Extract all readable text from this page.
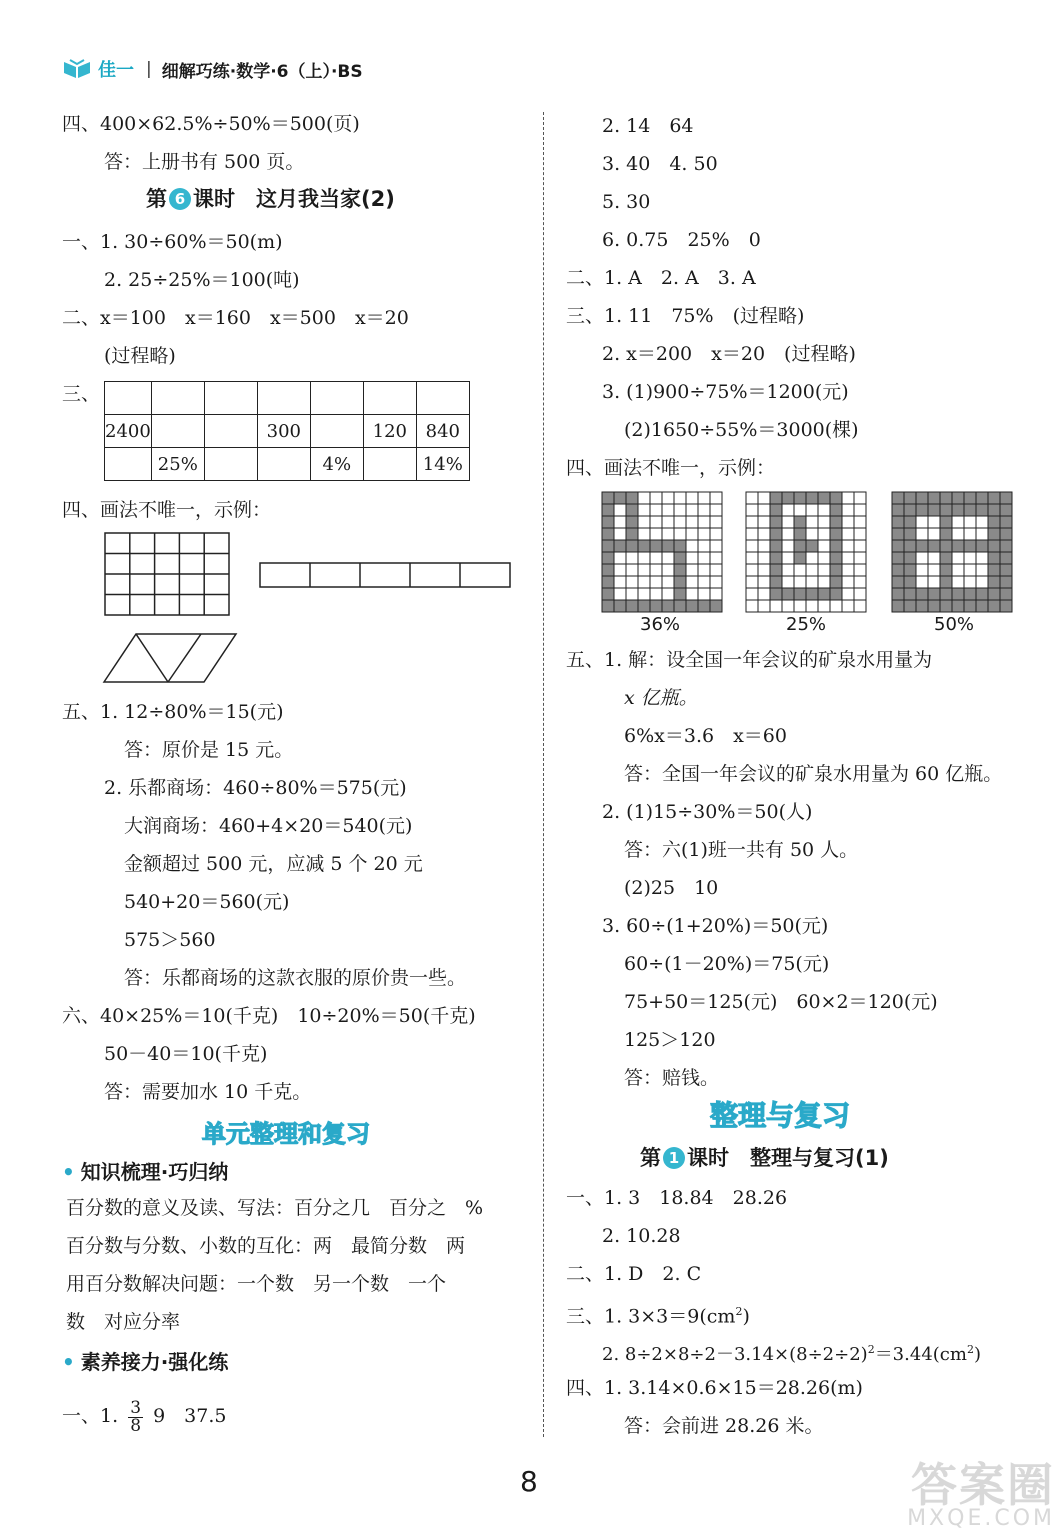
佳一 | 细解巧练·数学·6（上）·BS
四、400×62.5%÷50%＝500(页)
答：上册书有 500 页。
第 6 课时　这月我当家(2)
一、1. 30÷60%＝50(m)
2. 25÷25%＝100(吨)
二、x＝100　x＝160　x＝500　x＝20
(过程略)
三、

2400			300		120	840
	25%			4%		14%
四、画法不唯一，示例：
五、1. 12÷80%＝15(元)
答：原价是 15 元。
2. 乐都商场：460÷80%＝575(元)
大润商场：460+4×20＝540(元)
金额超过 500 元，应减 5 个 20 元
540+20＝560(元)
575＞560
答：乐都商场的这款衣服的原价贵一些。
六、40×25%＝10(千克)　10÷20%＝50(千克)
50－40＝10(千克)
答：需要加水 10 千克。
单元整理和复习
• 知识梳理·巧归纳
百分数的意义及读、写法：百分之几　百分之　%
百分数与分数、小数的互化：两　最简分数　两
用百分数解决问题：一个数　另一个数　一个
数　对应分率
• 素养接力·强化练
一、1. $\frac{3}{8} 9$　37.5
2. 14　64
3. 40　4. 50
5. 30
6. 0.75　25%　0
二、1. A　2. A　3. A
三、1. 11　75%　(过程略)
2. x＝200　x＝20　(过程略)
3. (1)900÷75%＝1200(元)
(2)1650÷55%＝3000(棵)
四、画法不唯一，示例：
36%	25%	50%
五、1. 解：设全国一年会议的矿泉水用量为
x 亿瓶。
6%x＝3.6　x＝60
答：全国一年会议的矿泉水用量为 60 亿瓶。
2. (1)15÷30%＝50(人)
答：六(1)班一共有 50 人。
(2)25　10
3. 60÷(1+20%)＝50(元)
60÷(1－20%)＝75(元)
75+50＝125(元)　60×2＝120(元)
125＞120
答：赔钱。
整理与复习
第 1 课时　整理与复习(1)
一、1. 3　18.84　28.26
2. 10.28
二、1. D　2. C
三、1. $3\times 3=9(cm^2)$
2. $8\div 2\times 8\div 2-3.14\times(8\div 2\div 2)^2=3.44(cm^2)$
四、1. 3.14×0.6×15＝28.26(m)
答：会前进 28.26 米。
8	答案圈
MXQE.COM
